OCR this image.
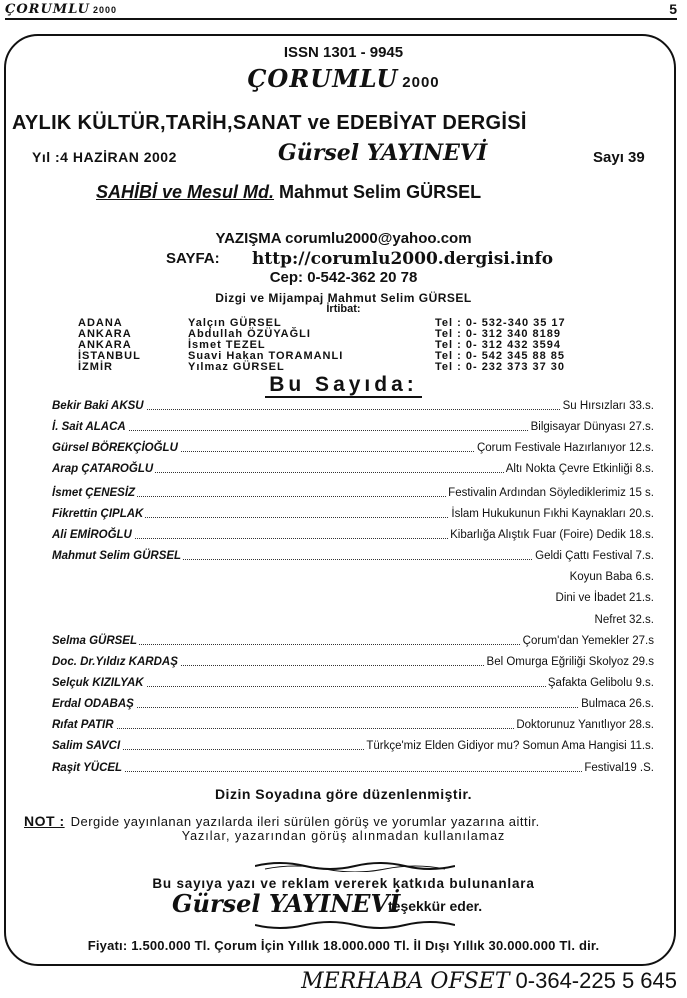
ÇORUMLU 2000	5
ISSN 1301 - 9945
ÇORUMLU 2000
AYLIK KÜLTÜR,TARİH,SANAT ve EDEBİYAT DERGİSİ
Yıl :4 HAZİRAN 2002	Gürsel YAYINEVİ	Sayı 39
SAHİBİ ve Mesul Md. Mahmut Selim GÜRSEL
YAZIŞMA corumlu2000@yahoo.com
SAYFA: http://corumlu2000.dergisi.info
Cep: 0-542-362 20 78
Dizgi ve Mijampaj Mahmut Selim GÜRSEL
İrtibat:
ADANA	Yalçın GÜRSEL	Tel : 0- 532-340 35 17
ANKARA	Abdullah ÖZÜYAĞLI	Tel : 0- 312 340 8189
ANKARA	İsmet TEZEL	Tel : 0- 312 432 3594
İSTANBUL	Suavi Hakan TORAMANLI	Tel : 0- 542 345 88 85
İZMİR	Yılmaz GÜRSEL	Tel : 0- 232 373 37 30
Bu Sayıda:
Bekir Baki AKSU	Su Hırsızları 33.s.
İ. Sait ALACA	Bilgisayar Dünyası 27.s.
Gürsel BÖREKÇİOĞLU	Çorum Festivale Hazırlanıyor 12.s.
Arap ÇATAROĞLU	Altı Nokta Çevre Etkinliği 8.s.
İsmet ÇENESİZ	Festivalin Ardından Söylediklerimiz 15 s.
Fikrettin ÇIPLAK	İslam Hukukunun Fıkhi Kaynakları 20.s.
Ali EMİROĞLU	Kibarlığa Alıştık Fuar (Foire) Dedik 18.s.
Mahmut Selim GÜRSEL	Geldi Çattı Festival 7.s.
Koyun Baba 6.s.
Dini ve İbadet 21.s.
Nefret 32.s.
Selma GÜRSEL	Çorum'dan Yemekler 27.s
Doc. Dr.Yıldız KARDAŞ	Bel Omurga Eğriliği Skolyoz 29.s
Selçuk KIZILYAK	Şafakta Gelibolu 9.s.
Erdal ODABAŞ	Bulmaca 26.s.
Rıfat PATIR	Doktorunuz Yanıtlıyor 28.s.
Salim SAVCI	Türkçe'miz Elden Gidiyor mu? Somun Ama Hangisi 11.s.
Raşit YÜCEL	Festival19 .S.
Dizin Soyadına göre düzenlenmiştir.
NOT : Dergide yayınlanan yazılarda ileri sürülen görüş ve yorumlar yazarına aittir.
Yazılar, yazarından görüş alınmadan kullanılamaz
Bu sayıya yazı ve reklam vererek katkıda bulunanlara
Gürsel YAYINEVİ
teşekkür eder.
Fiyatı: 1.500.000 Tl. Çorum İçin Yıllık 18.000.000 Tl. İl Dışı Yıllık 30.000.000 Tl. dir.
MERHABA OFSET 0-364-225 5 645
